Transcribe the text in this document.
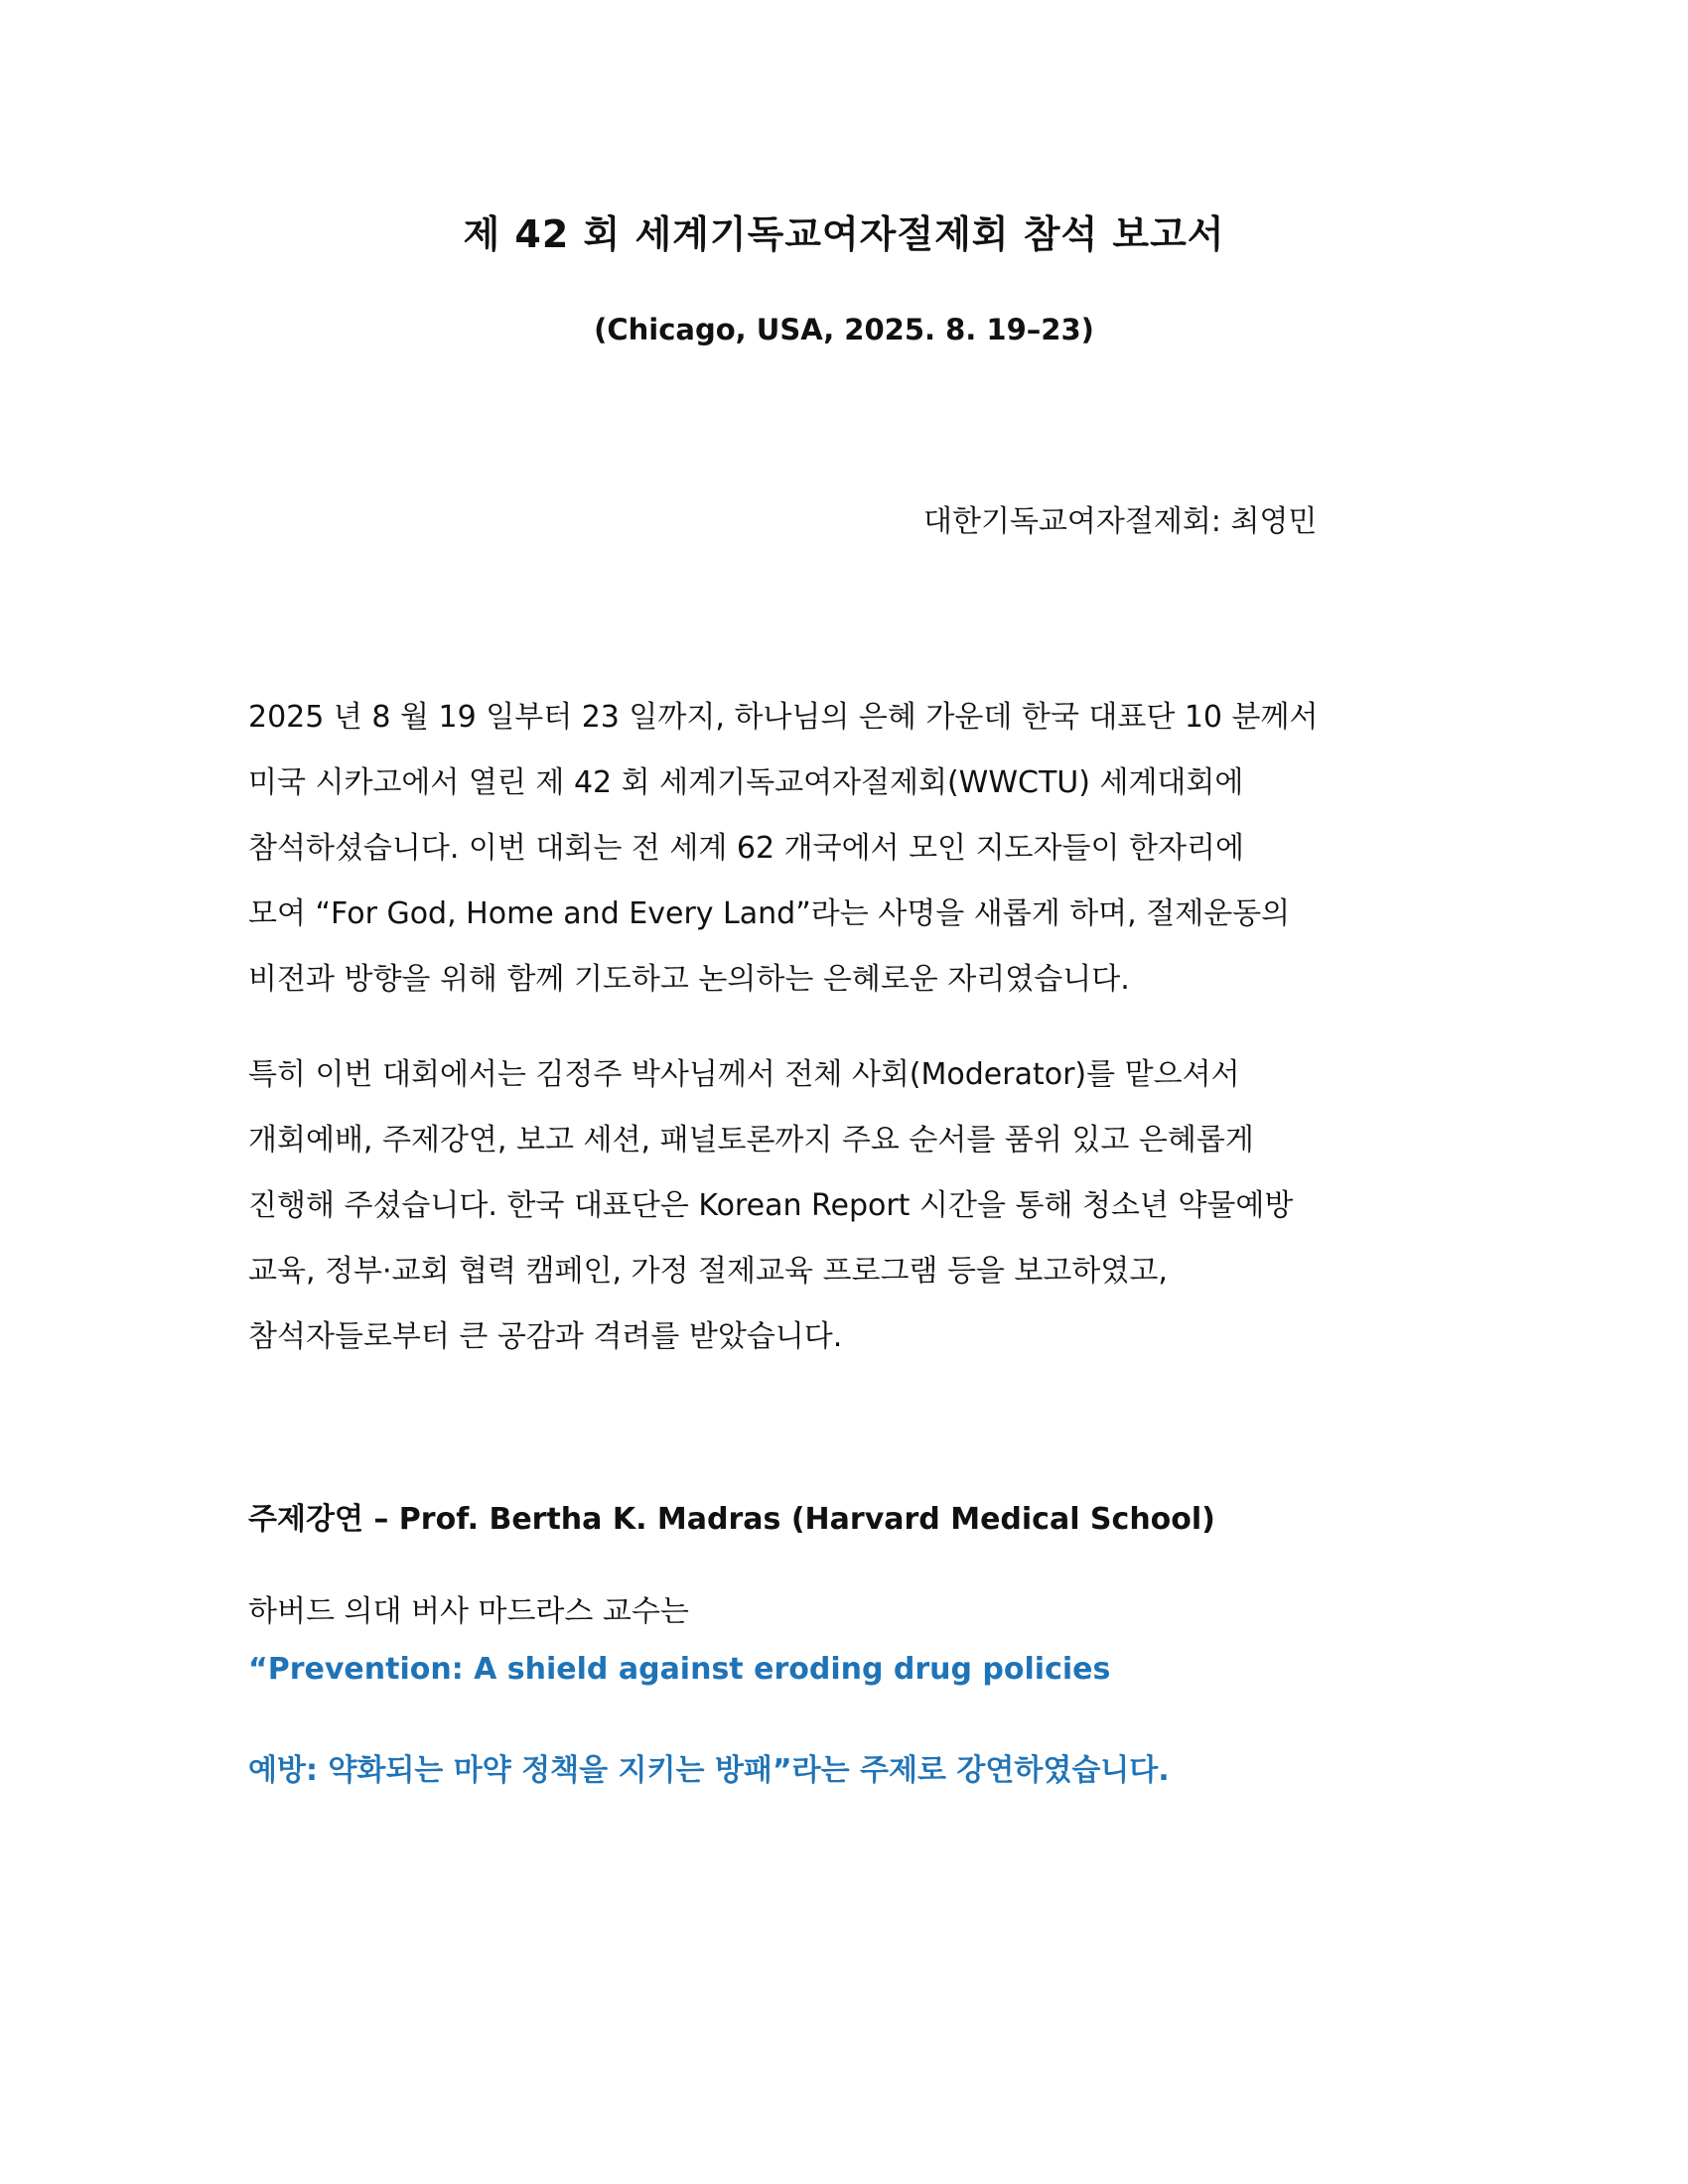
제 42 회 세계기독교여자절제회 참석 보고서

(Chicago, USA, 2025. 8. 19–23)

대한기독교여자절제회: 최영민

2025 년 8 월 19 일부터 23 일까지, 하나님의 은혜 가운데 한국 대표단 10 분께서
미국 시카고에서 열린 제 42 회 세계기독교여자절제회(WWCTU) 세계대회에
참석하셨습니다. 이번 대회는 전 세계 62 개국에서 모인 지도자들이 한자리에
모여 “For God, Home and Every Land”라는 사명을 새롭게 하며, 절제운동의
비전과 방향을 위해 함께 기도하고 논의하는 은혜로운 자리였습니다.

특히 이번 대회에서는 김정주 박사님께서 전체 사회(Moderator)를 맡으셔서
개회예배, 주제강연, 보고 세션, 패널토론까지 주요 순서를 품위 있고 은혜롭게
진행해 주셨습니다. 한국 대표단은 Korean Report 시간을 통해 청소년 약물예방
교육, 정부·교회 협력 캠페인, 가정 절제교육 프로그램 등을 보고하였고,
참석자들로부터 큰 공감과 격려를 받았습니다.

주제강연 – Prof. Bertha K. Madras (Harvard Medical School)

하버드 의대 버사 마드라스 교수는

“Prevention: A shield against eroding drug policies

예방: 약화되는 마약 정책을 지키는 방패”라는 주제로 강연하였습니다.
